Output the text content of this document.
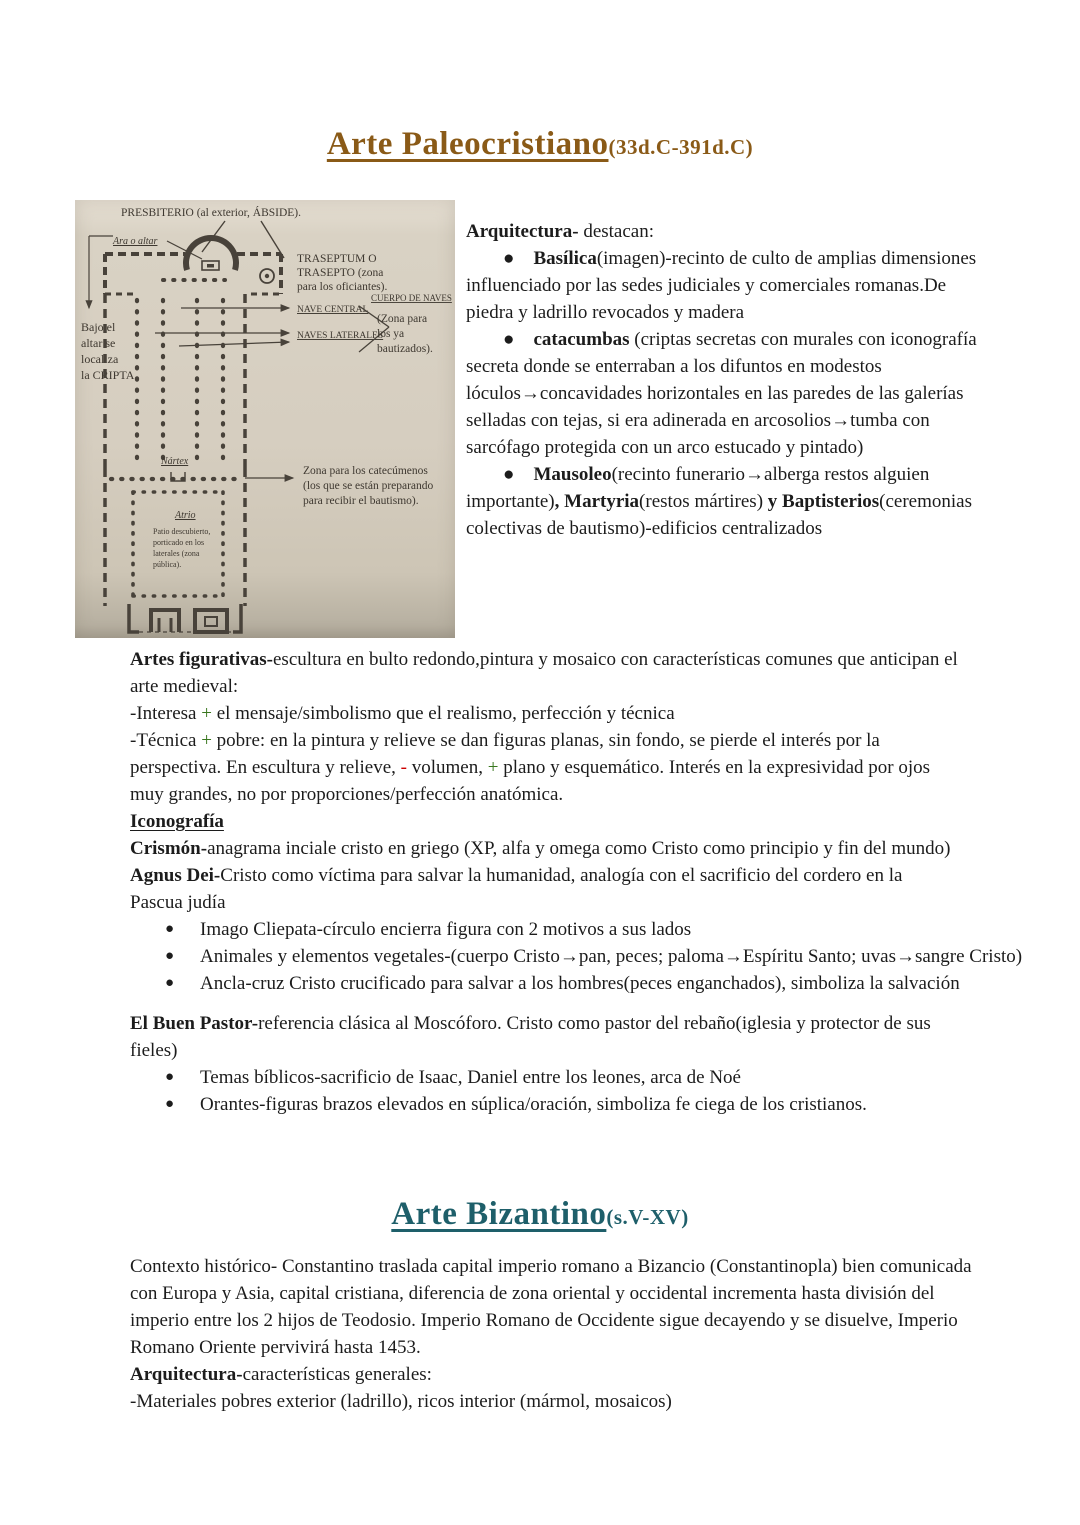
Arte Paleocristiano(33d.C-391d.C)
PRESBITERIO (al exterior, ÁBSIDE).
Ara o altar
Bajo el
altar se
localiza
la CRIPTA
TRASEPTUM O
TRASEPTO (zona
para los oficiantes).
NAVE CENTRAL
NAVES LATERALES
CUERPO DE NAVES
(Zona para
los ya
bautizados).
Nártex
Zona para los catecúmenos
(los que se están preparando
para recibir el bautismo).
Atrio
Patio descubierto,
porticado en los
laterales (zona
pública).

Arquitectura- destacan:

● Basílica(imagen)-recinto de culto de amplias dimensiones influenciado por las sedes judiciales y comerciales romanas.De piedra y ladrillo revocados y madera

● catacumbas (criptas secretas con murales con iconografía secreta donde se enterraban a los difuntos en modestos lóculos→concavidades horizontales en las paredes de las galerías selladas con tejas, si era adinerada en arcosolios→tumba con sarcófago protegida con un arco estucado y pintado)

● Mausoleo(recinto funerario→alberga restos alguien importante), Martyria(restos mártires) y Baptisterios(ceremonias colectivas de bautismo)-edificios centralizados

Artes figurativas-escultura en bulto redondo,pintura y mosaico con características comunes que anticipan el arte medieval:

-Interesa + el mensaje/simbolismo que el realismo, perfección y técnica

-Técnica + pobre: en la pintura y relieve se dan figuras planas, sin fondo, se pierde el interés por la perspectiva. En escultura y relieve, - volumen, + plano y esquemático. Interés en la expresividad por ojos muy grandes, no por proporciones/perfección anatómica.

Iconografía

Crismón-anagrama inciale cristo en griego (XP, alfa y omega como Cristo como principio y fin del mundo)

Agnus Dei-Cristo como víctima para salvar la humanidad, analogía con el sacrificio del cordero en la Pascua judía

● Imago Cliepata-círculo encierra figura con 2 motivos a sus lados

● Animales y elementos vegetales-(cuerpo Cristo→pan, peces; paloma→Espíritu Santo; uvas→sangre Cristo)

● Ancla-cruz Cristo crucificado para salvar a los hombres(peces enganchados), simboliza la salvación

El Buen Pastor-referencia clásica al Moscóforo. Cristo como pastor del rebaño(iglesia y protector de sus fieles)

● Temas bíblicos-sacrificio de Isaac, Daniel entre los leones, arca de Noé

● Orantes-figuras brazos elevados en súplica/oración, simboliza fe ciega de los cristianos.

Arte Bizantino(s.V-XV)

Contexto histórico- Constantino traslada capital imperio romano a Bizancio (Constantinopla) bien comunicada con Europa y Asia, capital cristiana, diferencia de zona oriental y occidental incrementa hasta división del imperio entre los 2 hijos de Teodosio. Imperio Romano de Occidente sigue decayendo y se disuelve, Imperio Romano Oriente pervivirá hasta 1453.

Arquitectura-características generales:

-Materiales pobres exterior (ladrillo), ricos interior (mármol, mosaicos)
